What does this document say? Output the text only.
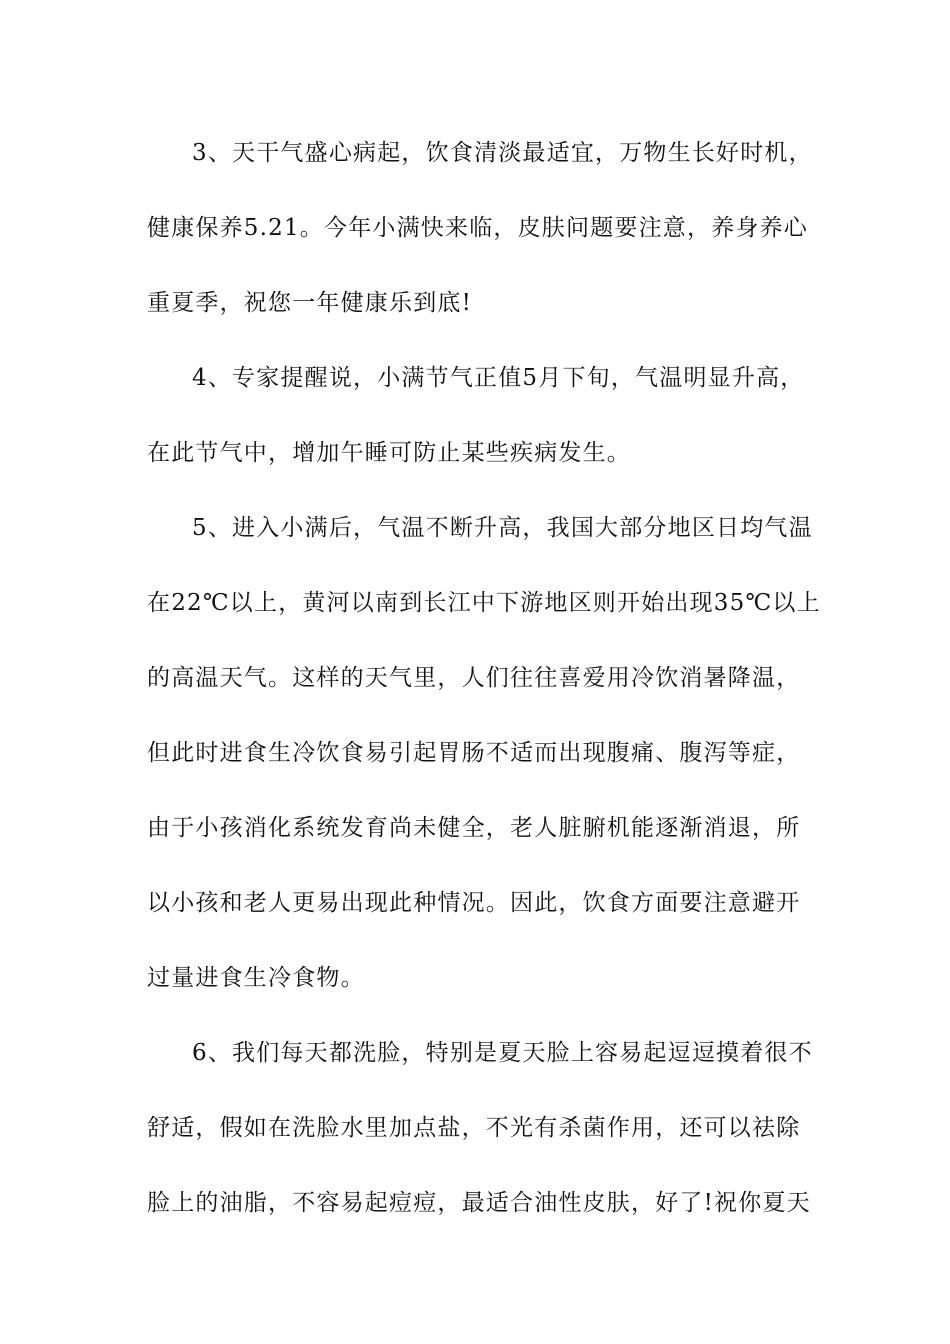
3、天干气盛心病起，饮食清淡最适宜，万物生长好时机，
健康保养5.21。今年小满快来临，皮肤问题要注意，养身养心
重夏季，祝您一年健康乐到底!
4、专家提醒说，小满节气正值5月下旬，气温明显升高，
在此节气中，增加午睡可防止某些疾病发生。
5、进入小满后，气温不断升高，我国大部分地区日均气温
在22℃以上，黄河以南到长江中下游地区则开始出现35℃以上
的高温天气。这样的天气里，人们往往喜爱用冷饮消暑降温，
但此时进食生冷饮食易引起胃肠不适而出现腹痛、腹泻等症，
由于小孩消化系统发育尚未健全，老人脏腑机能逐渐消退，所
以小孩和老人更易出现此种情况。因此，饮食方面要注意避开
过量进食生冷食物。
6、我们每天都洗脸，特别是夏天脸上容易起逗逗摸着很不
舒适，假如在洗脸水里加点盐，不光有杀菌作用，还可以祛除
脸上的油脂，不容易起痘痘，最适合油性皮肤，好了!祝你夏天
